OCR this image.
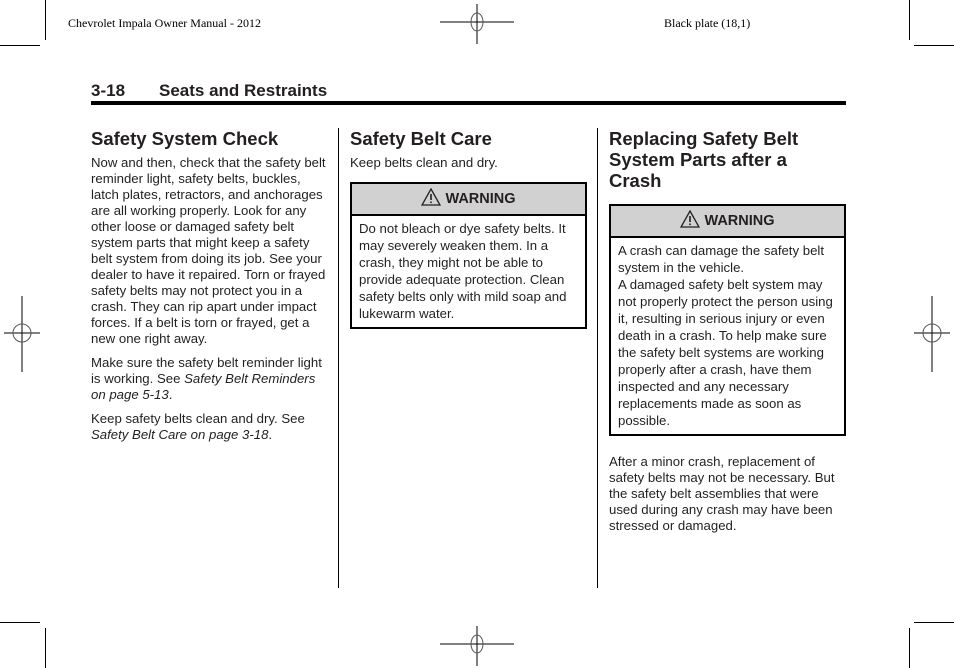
Chevrolet Impala Owner Manual - 2012	Black plate (18,1)
3-18 Seats and Restraints
Safety System Check

Now and then, check that the safety belt reminder light, safety belts, buckles, latch plates, retractors, and anchorages are all working properly. Look for any other loose or damaged safety belt system parts that might keep a safety belt system from doing its job. See your dealer to have it repaired. Torn or frayed safety belts may not protect you in a crash. They can rip apart under impact forces. If a belt is torn or frayed, get a new one right away.

Make sure the safety belt reminder light is working. See Safety Belt Reminders on page 5-13.

Keep safety belts clean and dry. See Safety Belt Care on page 3-18.

Safety Belt Care

Keep belts clean and dry.

WARNING

Do not bleach or dye safety belts. It may severely weaken them. In a crash, they might not be able to provide adequate protection. Clean safety belts only with mild soap and lukewarm water.

Replacing Safety Belt System Parts after a Crash
WARNING

A crash can damage the safety belt system in the vehicle.

A damaged safety belt system may not properly protect the person using it, resulting in serious injury or even death in a crash. To help make sure the safety belt systems are working properly after a crash, have them inspected and any necessary replacements made as soon as possible.

After a minor crash, replacement of safety belts may not be necessary. But the safety belt assemblies that were used during any crash may have been stressed or damaged.
